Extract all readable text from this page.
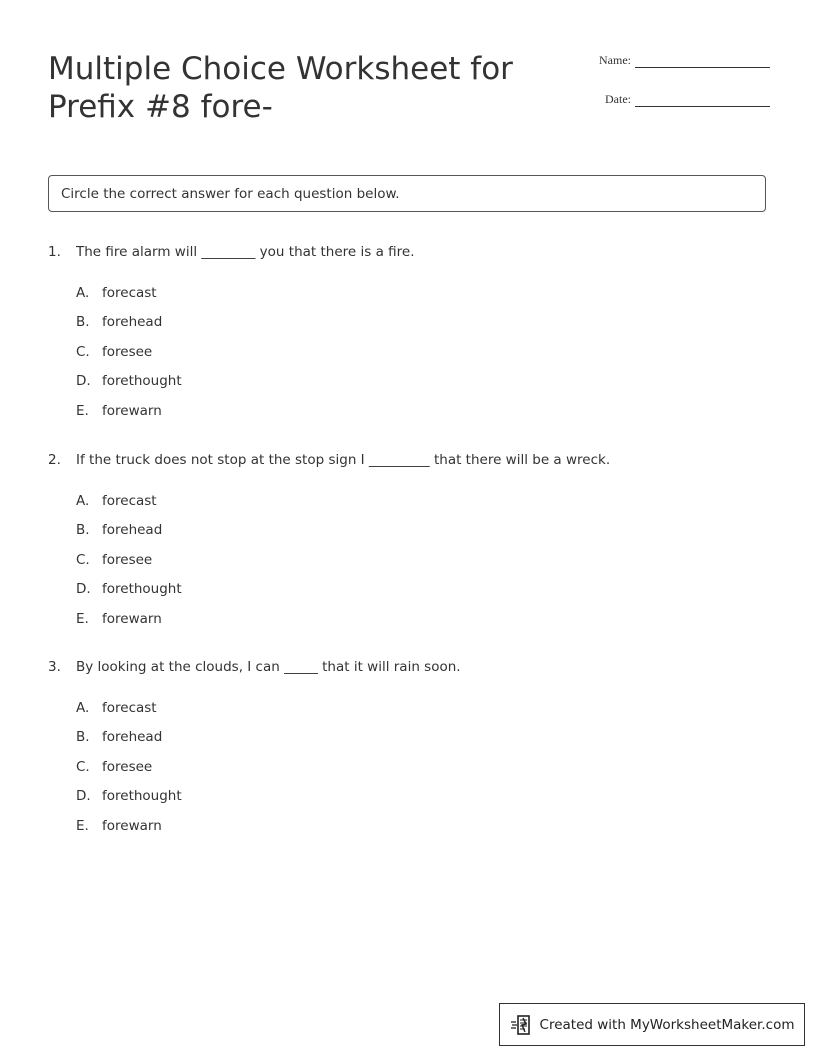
Multiple Choice Worksheet for
Prefix #8 fore-
Name:
Date:
Circle the correct answer for each question below.
1.	The fire alarm will ________ you that there is a fire.
A. forecast
B. forehead
C. foresee
D. forethought
E. forewarn
2.	If the truck does not stop at the stop sign I _________ that there will be a wreck.
A. forecast
B. forehead
C. foresee
D. forethought
E. forewarn
3.	By looking at the clouds, I can _____ that it will rain soon.
A. forecast
B. forehead
C. foresee
D. forethought
E. forewarn
Created with MyWorksheetMaker.com
